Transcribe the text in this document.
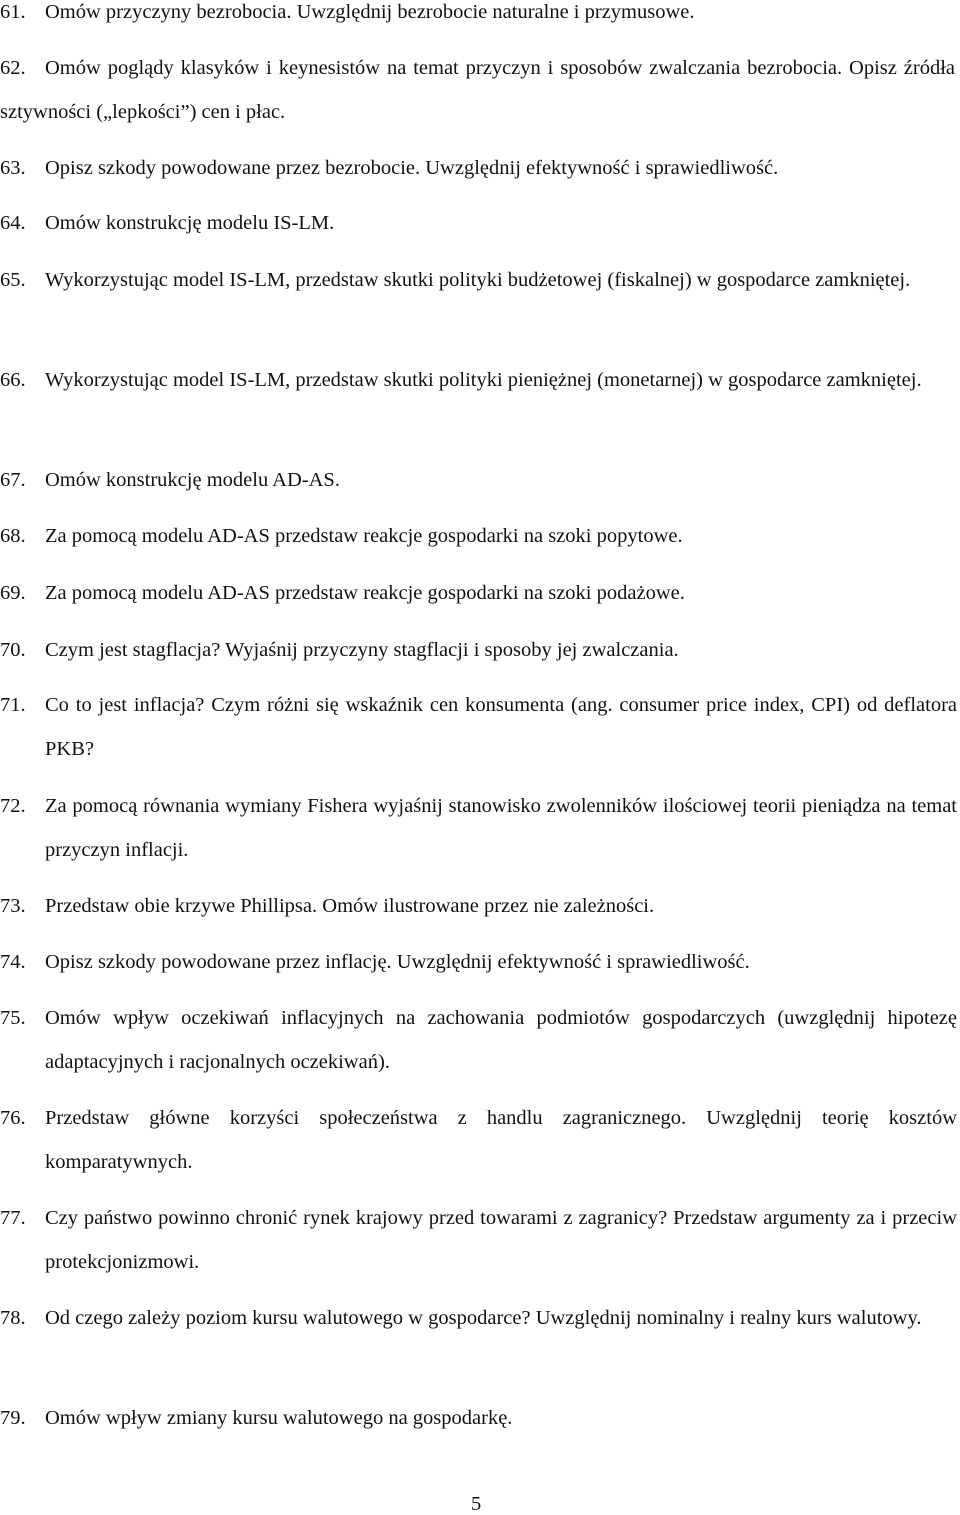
61. Omów przyczyny bezrobocia. Uwzględnij bezrobocie naturalne i przymusowe.
62. Omów poglądy klasyków i keynesistów na temat przyczyn i sposobów zwalczania bezrobocia. Opisz źródła sztywności („lepkości”) cen i płac.
63. Opisz szkody powodowane przez bezrobocie. Uwzględnij efektywność i sprawiedliwość.
64. Omów konstrukcję modelu IS-LM.
65. Wykorzystując model IS-LM, przedstaw skutki polityki budżetowej (fiskalnej) w gospodarce zamkniętej.
66. Wykorzystując model IS-LM, przedstaw skutki polityki pieniężnej (monetarnej) w gospodarce zamkniętej.
67. Omów konstrukcję modelu AD-AS.
68. Za pomocą modelu AD-AS przedstaw reakcje gospodarki na szoki popytowe.
69. Za pomocą modelu AD-AS przedstaw reakcje gospodarki na szoki podażowe.
70. Czym jest stagflacja? Wyjaśnij przyczyny stagflacji i sposoby jej zwalczania.
71. Co to jest inflacja? Czym różni się wskaźnik cen konsumenta (ang. consumer price index, CPI) od deflatora PKB?
72. Za pomocą równania wymiany Fishera wyjaśnij stanowisko zwolenników ilościowej teorii pieniądza na temat przyczyn inflacji.
73. Przedstaw obie krzywe Phillipsa. Omów ilustrowane przez nie zależności.
74. Opisz szkody powodowane przez inflację. Uwzględnij efektywność i sprawiedliwość.
75. Omów wpływ oczekiwań inflacyjnych na zachowania podmiotów gospodarczych (uwzględnij hipotezę adaptacyjnych i racjonalnych oczekiwań).
76. Przedstaw główne korzyści społeczeństwa z handlu zagranicznego. Uwzględnij teorię kosztów komparatywnych.
77. Czy państwo powinno chronić rynek krajowy przed towarami z zagranicy? Przedstaw argumenty za i przeciw protekcjonizmowi.
78. Od czego zależy poziom kursu walutowego w gospodarce? Uwzględnij nominalny i realny kurs walutowy.
79. Omów wpływ zmiany kursu walutowego na gospodarkę.
5
